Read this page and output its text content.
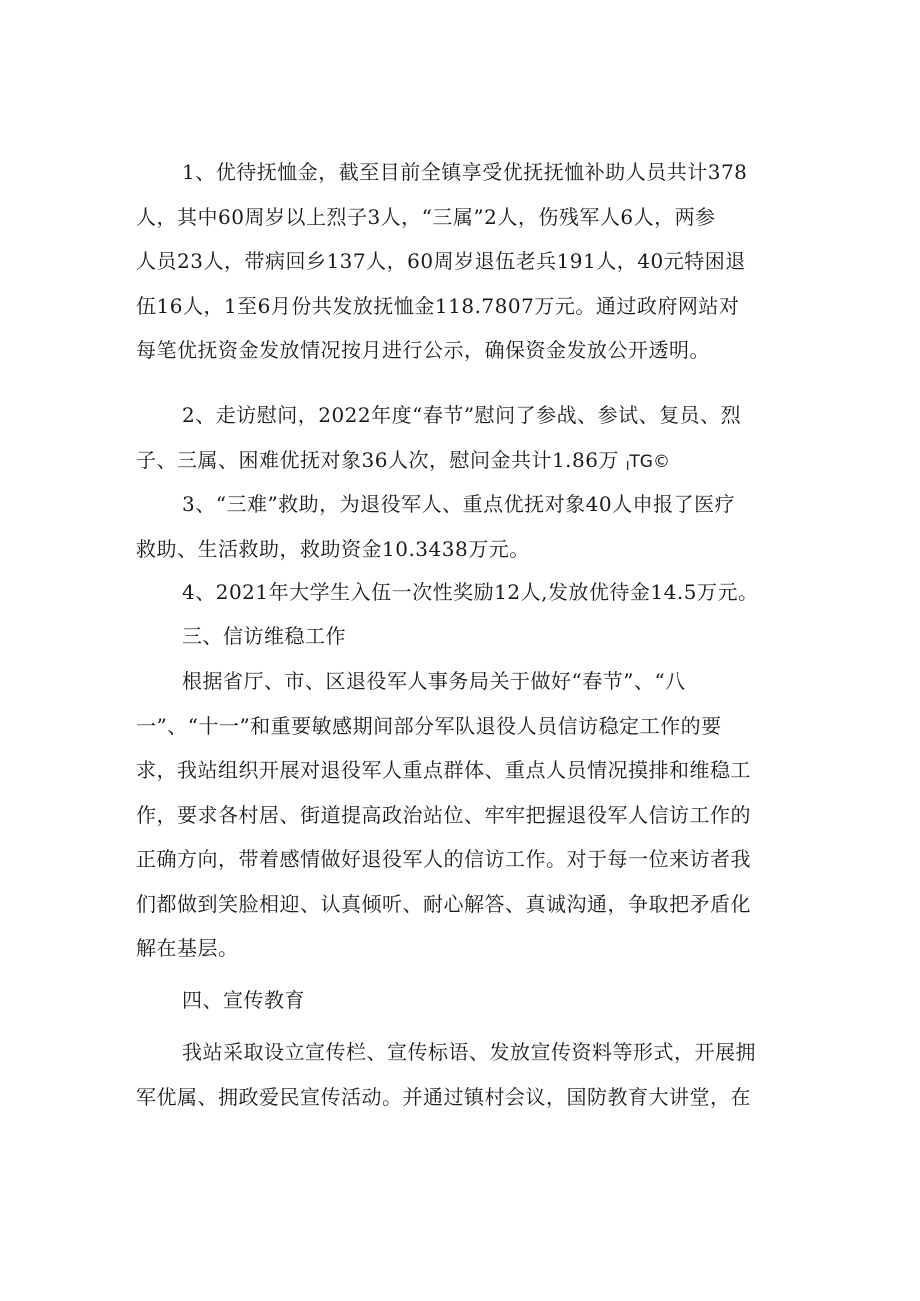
1、优待抚恤金，截至目前全镇享受优抚抚恤补助人员共计378
人，其中60周岁以上烈子3人，“三属”2人，伤残军人6人，两参
人员23人，带病回乡137人，60周岁退伍老兵191人，40元特困退
伍16人，1至6月份共发放抚恤金118.7807万元。通过政府网站对
每笔优抚资金发放情况按月进行公示，确保资金发放公开透明。

2、走访慰问，2022年度“春节”慰问了参战、参试、复员、烈
子、三属、困难优抚对象36人次，慰问金共计1.86万 $_I$TG©

3、“三难”救助，为退役军人、重点优抚对象40人申报了医疗
救助、生活救助，救助资金10.3438万元。

4、2021年大学生入伍一次性奖励12人,发放优待金14.5万元。

三、信访维稳工作

根据省厅、市、区退役军人事务局关于做好“春节”、“八
一”、“十一”和重要敏感期间部分军队退役人员信访稳定工作的要
求，我站组织开展对退役军人重点群体、重点人员情况摸排和维稳工
作，要求各村居、街道提高政治站位、牢牢把握退役军人信访工作的
正确方向，带着感情做好退役军人的信访工作。对于每一位来访者我
们都做到笑脸相迎、认真倾听、耐心解答、真诚沟通，争取把矛盾化
解在基层。

四、宣传教育

我站采取设立宣传栏、宣传标语、发放宣传资料等形式，开展拥
军优属、拥政爱民宣传活动。并通过镇村会议，国防教育大讲堂，在
